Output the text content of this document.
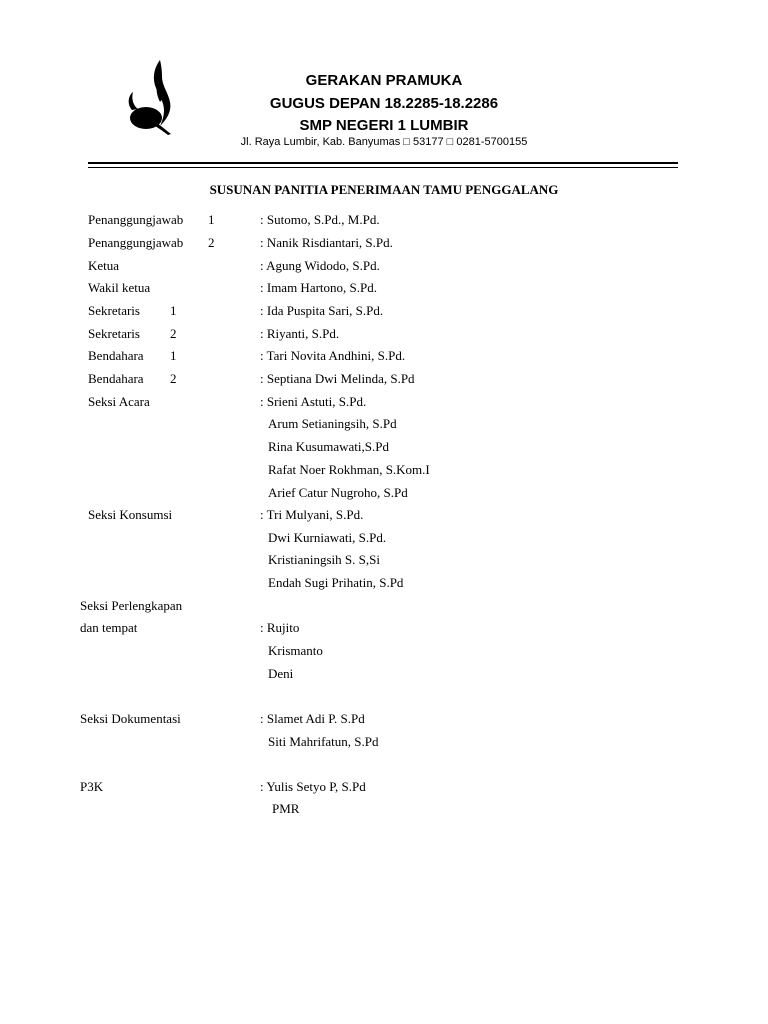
GERAKAN PRAMUKA
GUGUS DEPAN 18.2285-18.2286
SMP NEGERI 1 LUMBIR
Jl. Raya Lumbir, Kab. Banyumas □ 53177 □ 0281-5700155
SUSUNAN PANITIA PENERIMAAN TAMU PENGGALANG
Penanggungjawab 1	: Sutomo, S.Pd., M.Pd.
Penanggungjawab 2	: Nanik Risdiantari, S.Pd.
Ketua	: Agung Widodo, S.Pd.
Wakil ketua	: Imam Hartono, S.Pd.
Sekretaris 1	: Ida Puspita Sari, S.Pd.
Sekretaris 2	: Riyanti, S.Pd.
Bendahara 1	: Tari Novita Andhini, S.Pd.
Bendahara 2	: Septiana Dwi Melinda, S.Pd
Seksi Acara	: Srieni Astuti, S.Pd.
Arum Setianingsih, S.Pd
Rina Kusumawati,S.Pd
Rafat Noer Rokhman, S.Kom.I
Arief Catur Nugroho, S.Pd
Seksi Konsumsi	: Tri Mulyani, S.Pd.
Dwi Kurniawati, S.Pd.
Kristianingsih S. S,Si
Endah Sugi Prihatin, S.Pd
Seksi Perlengkapan
dan tempat	: Rujito
Krismanto
Deni
Seksi Dokumentasi	: Slamet Adi P. S.Pd
Siti Mahrifatun, S.Pd
P3K	: Yulis Setyo P, S.Pd
PMR
